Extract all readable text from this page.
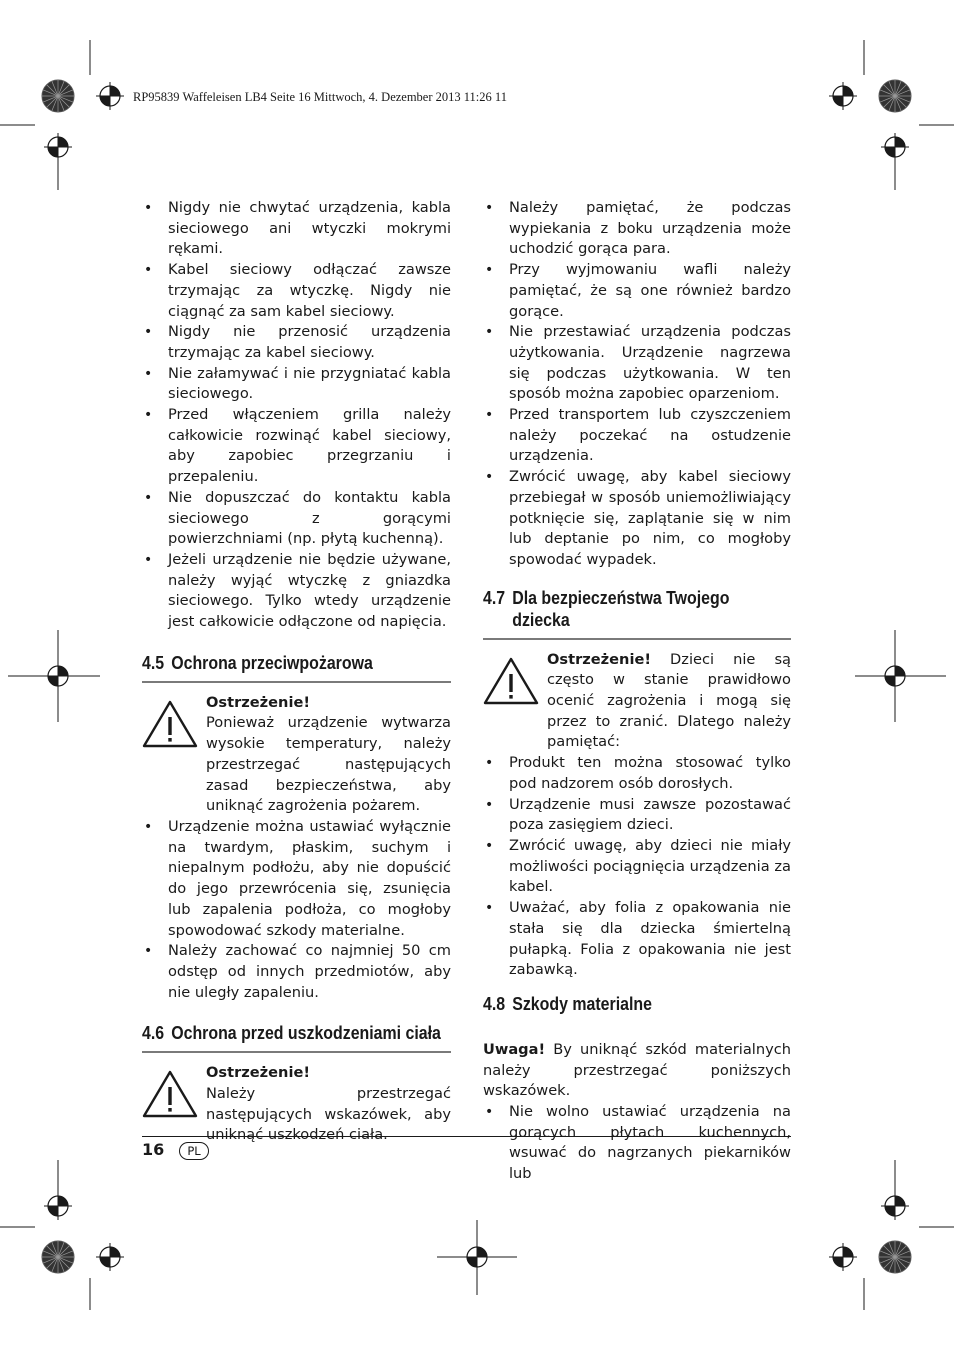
RP95839 Waffeleisen LB4 Seite 16 Mittwoch, 4. Dezember 2013 11:26 11
• Nigdy nie chwytać urządzenia, kabla sieciowego ani wtyczki mokrymi rękami.
• Kabel sieciowy odłączać zawsze trzymając za wtyczkę. Nigdy nie ciągnąć za sam kabel sieciowy.
• Nigdy nie przenosić urządzenia trzymając za kabel sieciowy.
• Nie załamywać i nie przygniatać kabla sieciowego.
• Przed włączeniem grilla należy całkowicie rozwinąć kabel sieciowy, aby zapobiec przegrzaniu i przepaleniu.
• Nie dopuszczać do kontaktu kabla sieciowego z gorącymi powierzchniami (np. płytą kuchenną).
• Jeżeli urządzenie nie będzie używane, należy wyjąć wtyczkę z gniazdka sieciowego. Tylko wtedy urządzenie jest całkowicie odłączone od napięcia.
4.5 Ochrona przeciwpożarowa
Ostrzeżenie!
Ponieważ urządzenie wytwarza wysokie temperatury, należy przestrzegać następujących zasad bezpieczeństwa, aby uniknąć zagrożenia pożarem.
• Urządzenie można ustawiać wyłącznie na twardym, płaskim, suchym i niepalnym podłożu, aby nie dopuścić do jego przewrócenia się, zsunięcia lub zapalenia podłoża, co mogłoby spowodować szkody materialne.
• Należy zachować co najmniej 50 cm odstęp od innych przedmiotów, aby nie uległy zapaleniu.
4.6 Ochrona przed uszkodzeniami ciała
Ostrzeżenie!
Należy przestrzegać następujących wskazówek, aby uniknąć uszkodzeń ciała.
• Należy pamiętać, że podczas wypiekania z boku urządzenia może uchodzić gorąca para.
• Przy wyjmowaniu wafli należy pamiętać, że są one również bardzo gorące.
• Nie przestawiać urządzenia podczas użytkowania. Urządzenie nagrzewa się podczas użytkowania. W ten sposób można zapobiec oparzeniom.
• Przed transportem lub czyszczeniem należy poczekać na ostudzenie urządzenia.
• Zwrócić uwagę, aby kabel sieciowy przebiegał w sposób uniemożliwiający potknięcie się, zaplątanie się w nim lub deptanie po nim, co mogłoby spowodać wypadek.
4.7 Dla bezpieczeństwa Twojego
dziecka
Ostrzeżenie! Dzieci nie są często w stanie prawidłowo ocenić zagrożenia i mogą się przez to zranić. Dlatego należy pamiętać:
• Produkt ten można stosować tylko pod nadzorem osób dorosłych.
• Urządzenie musi zawsze pozostawać poza zasięgiem dzieci.
• Zwrócić uwagę, aby dzieci nie miały możliwości pociągnięcia urządzenia za kabel.
• Uważać, aby folia z opakowania nie stała się dla dziecka śmiertelną pułapką. Folia z opakowania nie jest zabawką.
4.8 Szkody materialne
Uwaga! By uniknąć szkód materialnych należy przestrzegać poniższych wskazówek.
• Nie wolno ustawiać urządzenia na gorących płytach kuchennych, wsuwać do nagrzanych piekarników lub
16	PL
